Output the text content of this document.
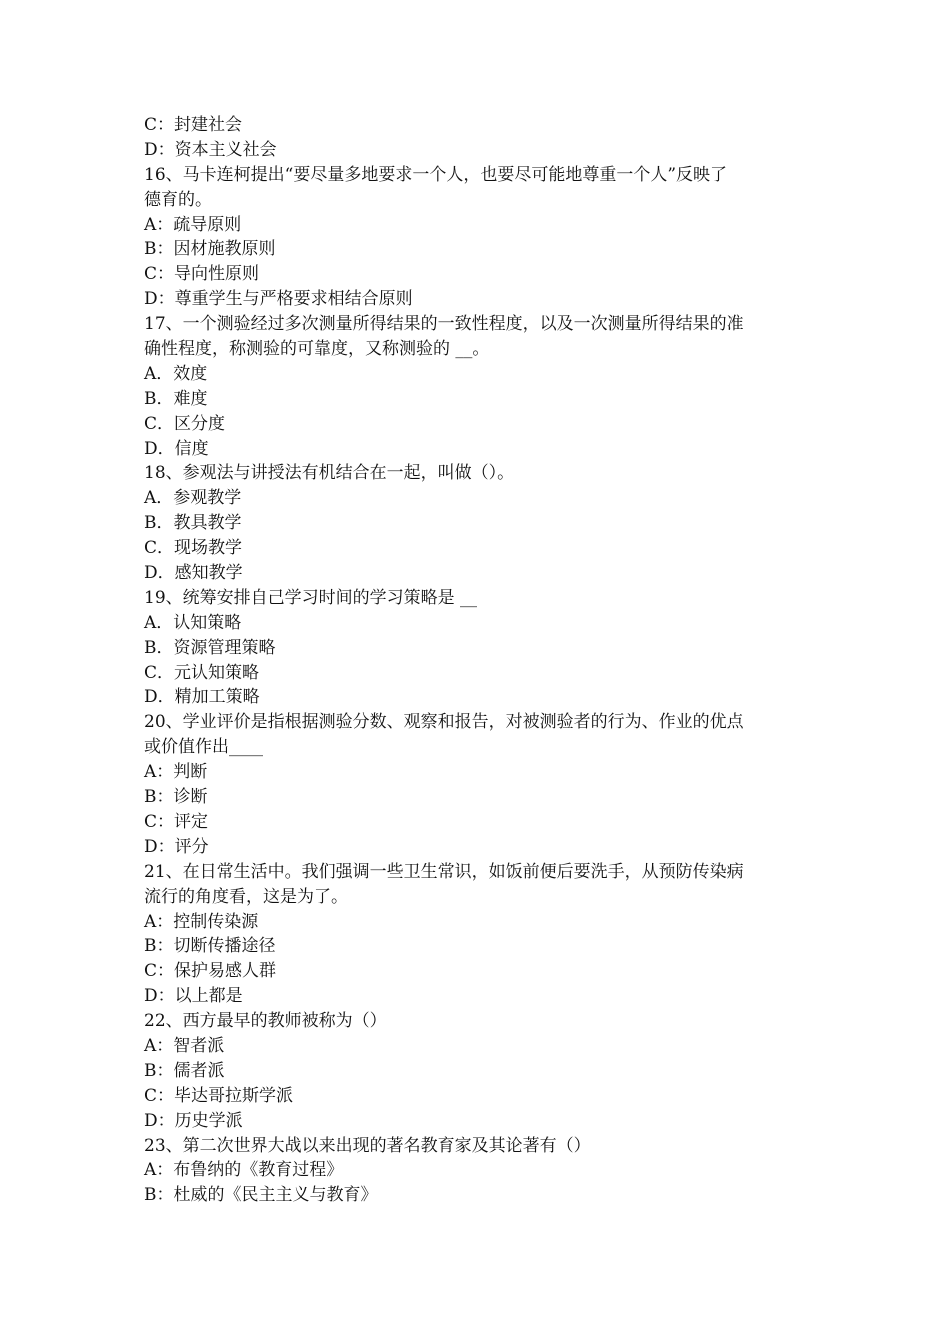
C：封建社会
D：资本主义社会
16、马卡连柯提出“要尽量多地要求一个人，也要尽可能地尊重一个人”反映了
德育的。
A：疏导原则
B：因材施教原则
C：导向性原则
D：尊重学生与严格要求相结合原则
17、一个测验经过多次测量所得结果的一致性程度，以及一次测量所得结果的准
确性程度，称测验的可靠度，又称测验的 __。
A．效度
B．难度
C．区分度
D．信度
18、参观法与讲授法有机结合在一起，叫做（）。
A．参观教学
B．教具教学
C．现场教学
D．感知教学
19、统筹安排自己学习时间的学习策略是 __
A．认知策略
B．资源管理策略
C．元认知策略
D．精加工策略
20、学业评价是指根据测验分数、观察和报告，对被测验者的行为、作业的优点
或价值作出____
A：判断
B：诊断
C：评定
D：评分
21、在日常生活中。我们强调一些卫生常识，如饭前便后要洗手，从预防传染病
流行的角度看，这是为了。
A：控制传染源
B：切断传播途径
C：保护易感人群
D：以上都是
22、西方最早的教师被称为（）
A：智者派
B：儒者派
C：毕达哥拉斯学派
D：历史学派
23、第二次世界大战以来出现的著名教育家及其论著有（）
A：布鲁纳的《教育过程》
B：杜威的《民主主义与教育》
